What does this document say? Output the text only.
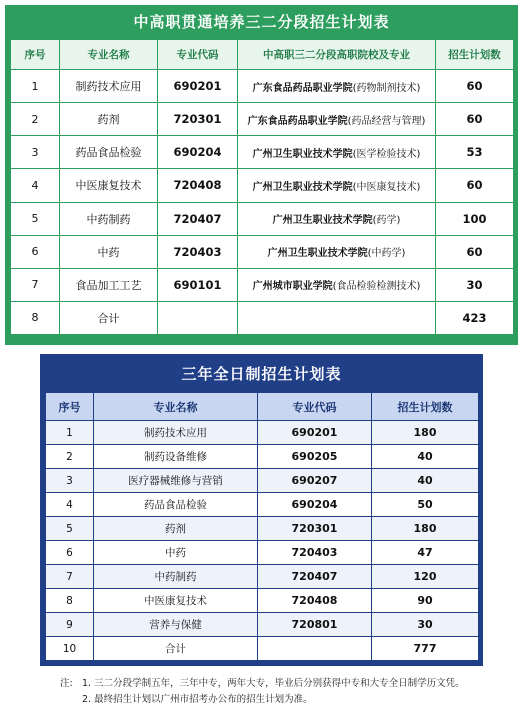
中高职贯通培养三二分段招生计划表
序号	专业名称	专业代码	中高职三二分段高职院校及专业	招生计划数
1	制药技术应用	690201	广东食品药品职业学院(药物制剂技术)	60
2	药剂	720301	广东食品药品职业学院(药品经营与管理)	60
3	药品食品检验	690204	广州卫生职业技术学院(医学检验技术)	53
4	中医康复技术	720408	广州卫生职业技术学院(中医康复技术)	60
5	中药制药	720407	广州卫生职业技术学院(药学)	100
6	中药	720403	广州卫生职业技术学院(中药学)	60
7	食品加工工艺	690101	广州城市职业学院(食品检验检测技术)	30
8	合计			423
三年全日制招生计划表
序号	专业名称	专业代码	招生计划数
1	制药技术应用	690201	180
2	制药设备维修	690205	40
3	医疗器械维修与营销	690207	40
4	药品食品检验	690204	50
5	药剂	720301	180
6	中药	720403	47
7	中药制药	720407	120
8	中医康复技术	720408	90
9	营养与保健	720801	30
10	合计		777
注: 1. 三二分段学制五年，三年中专，两年大专，毕业后分别获得中专和大专全日制学历文凭。
2. 最终招生计划以广州市招考办公布的招生计划为准。
